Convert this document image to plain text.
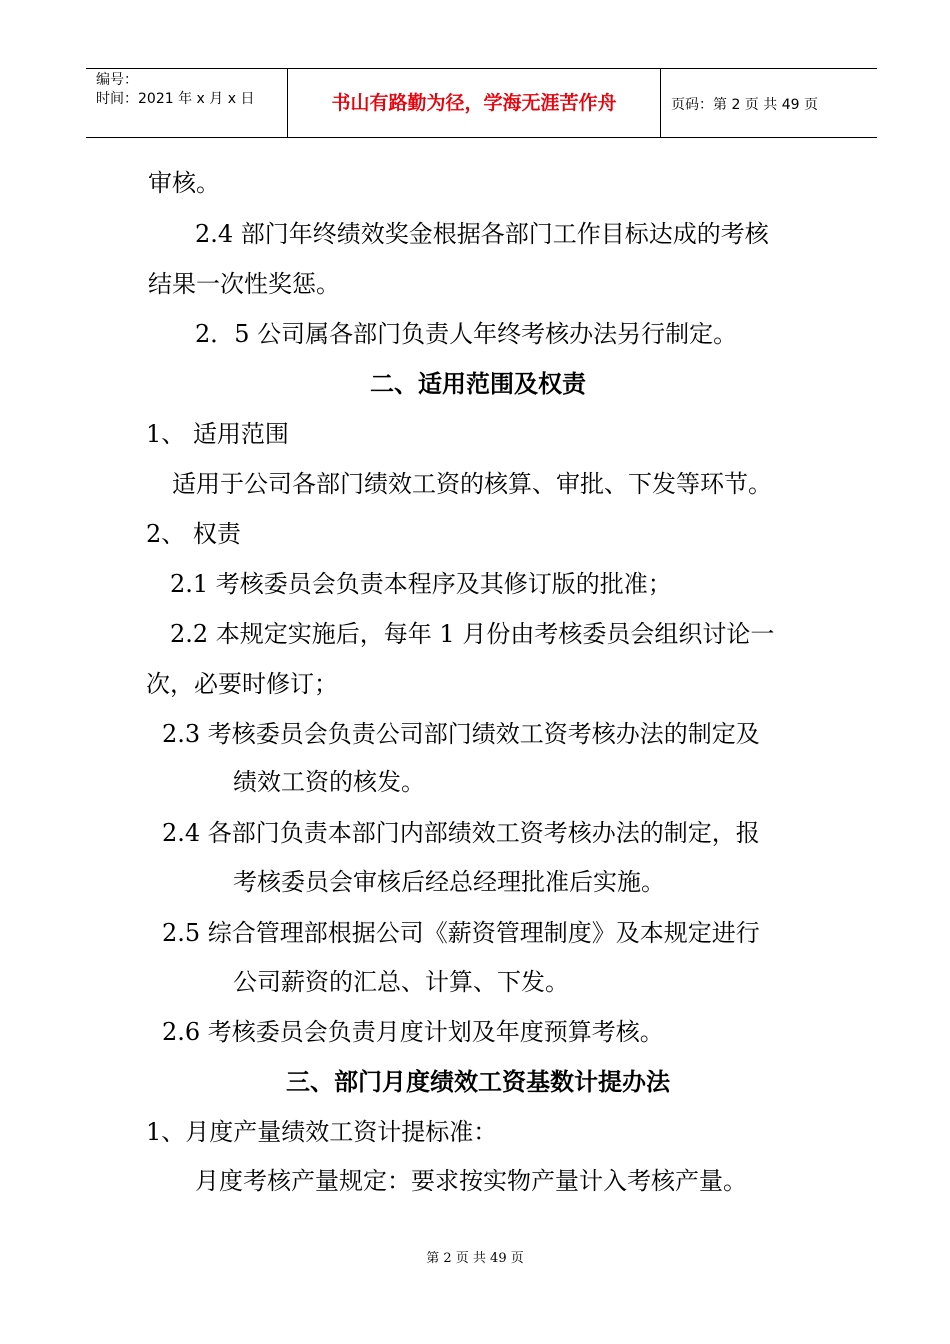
编号：
时间：2021 年 x 月 x 日	书山有路勤为径，学海无涯苦作舟	页码：第 2 页 共 49 页
审核。
2.4 部门年终绩效奖金根据各部门工作目标达成的考核
结果一次性奖惩。
2．5 公司属各部门负责人年终考核办法另行制定。
二、适用范围及权责
1、 适用范围
适用于公司各部门绩效工资的核算、审批、下发等环节。
2、 权责
2.1 考核委员会负责本程序及其修订版的批准；
2.2 本规定实施后，每年 1 月份由考核委员会组织讨论一
次，必要时修订；
2.3 考核委员会负责公司部门绩效工资考核办法的制定及
绩效工资的核发。
2.4 各部门负责本部门内部绩效工资考核办法的制定，报
考核委员会审核后经总经理批准后实施。
2.5 综合管理部根据公司《薪资管理制度》及本规定进行
公司薪资的汇总、计算、下发。
2.6 考核委员会负责月度计划及年度预算考核。
三、部门月度绩效工资基数计提办法
1、月度产量绩效工资计提标准：
月度考核产量规定：要求按实物产量计入考核产量。
第 2 页 共 49 页
